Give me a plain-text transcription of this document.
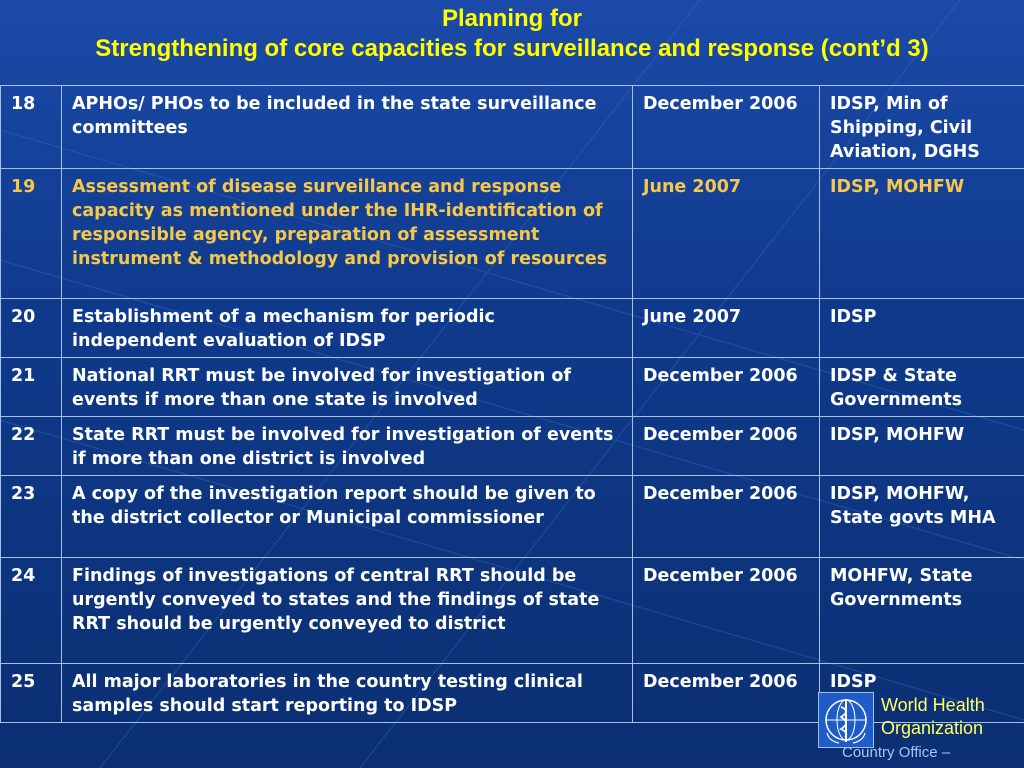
Planning for
Strengthening of core capacities for surveillance and response (cont’d 3)
18	APHOs/ PHOs to be included in the state surveillance committees	December 2006	IDSP, Min of Shipping, Civil Aviation, DGHS
19	Assessment of disease surveillance and response capacity as mentioned under the IHR-identification of responsible agency, preparation of assessment instrument & methodology and provision of resources	June 2007	IDSP, MOHFW
20	Establishment of a mechanism for periodic independent evaluation of IDSP	June 2007	IDSP
21	National RRT must be involved for investigation of events if more than one state is involved	December 2006	IDSP & State Governments
22	State RRT must be involved for investigation of events if more than one district is involved	December 2006	IDSP, MOHFW
23	A copy of the investigation report should be given to the district collector or Municipal commissioner	December 2006	IDSP, MOHFW, State govts MHA
24	Findings of investigations of central RRT should be urgently conveyed to states and the findings of state RRT should be urgently conveyed to district	December 2006	MOHFW, State Governments
25	All major laboratories in the country testing clinical samples should start reporting to IDSP	December 2006	IDSP
World Health
Organization
Country Office –
